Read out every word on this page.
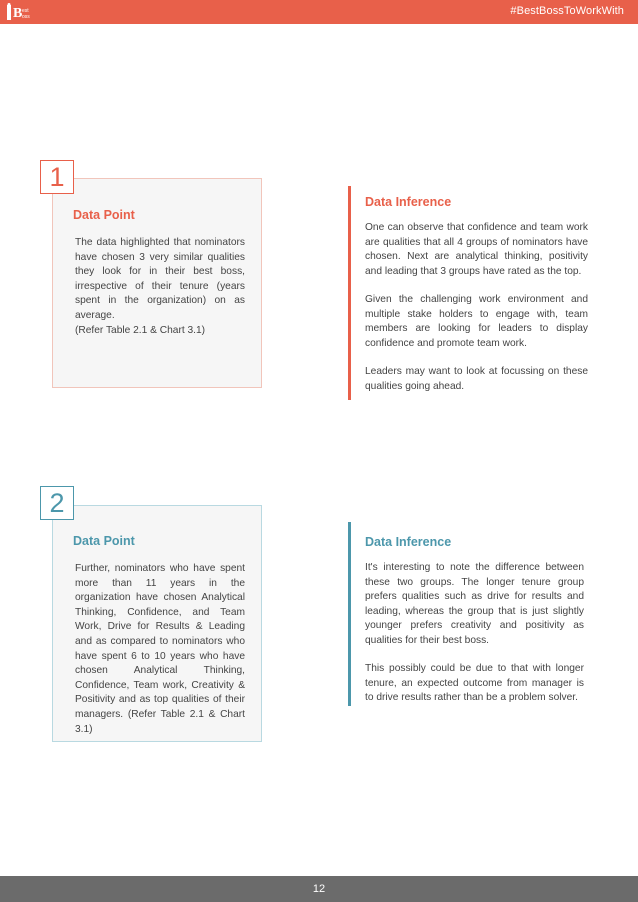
B est
oss	#BestBossToWorkWith
1
Data Point

The data highlighted that nominators have chosen 3 very similar qualities they look for in their best boss, irrespective of their tenure (years spent in the organization) on as average.

(Refer Table 2.1 & Chart 3.1)

Data Inference

One can observe that confidence and team work are qualities that all 4 groups of nominators have chosen. Next are analytical thinking, positivity and leading that 3 groups have rated as the top.

Given the challenging work environment and multiple stake holders to engage with, team members are looking for leaders to display confidence and promote team work.

Leaders may want to look at focussing on these qualities going ahead.

2
Data Point

Further, nominators who have spent more than 11 years in the organization have chosen Analytical Thinking, Confidence, and Team Work, Drive for Results & Leading and as compared to nominators who have spent 6 to 10 years who have chosen Analytical Thinking, Confidence, Team work, Creativity & Positivity and as top qualities of their managers. (Refer Table 2.1 & Chart 3.1)

Data Inference

It's interesting to note the difference between these two groups. The longer tenure group prefers qualities such as drive for results and leading, whereas the group that is just slightly younger prefers creativity and positivity as qualities for their best boss.

This possibly could be due to that with longer tenure, an expected outcome from manager is to drive results rather than be a problem solver.

12
